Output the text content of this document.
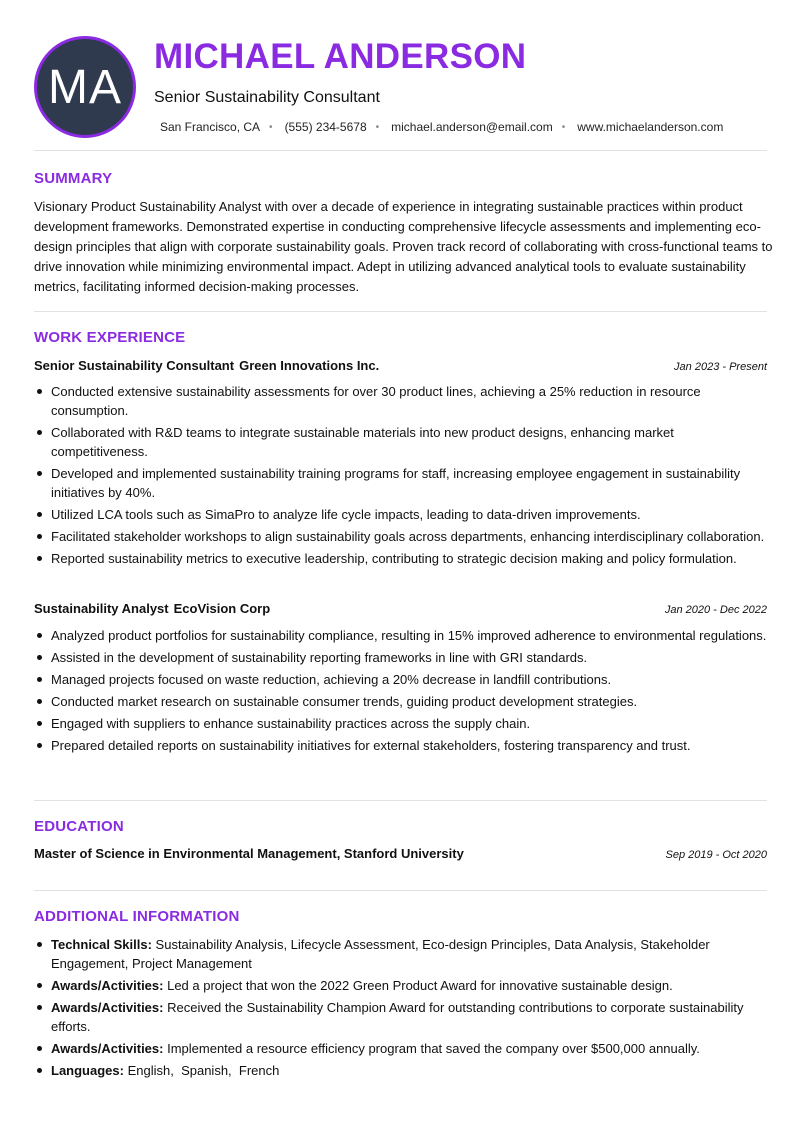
MA
MICHAEL ANDERSON
Senior Sustainability Consultant
San Francisco, CA • (555) 234-5678 • michael.anderson@email.com • www.michaelanderson.com
SUMMARY

Visionary Product Sustainability Analyst with over a decade of experience in integrating sustainable practices within product development frameworks. Demonstrated expertise in conducting comprehensive lifecycle assessments and implementing eco-design principles that align with corporate sustainability goals. Proven track record of collaborating with cross-functional teams to drive innovation while minimizing environmental impact. Adept in utilizing advanced analytical tools to evaluate sustainability metrics, facilitating informed decision-making processes.

WORK EXPERIENCE
Senior Sustainability Consultant Green Innovations Inc.	Jan 2023 - Present
Conducted extensive sustainability assessments for over 30 product lines, achieving a 25% reduction in resource consumption.
Collaborated with R&D teams to integrate sustainable materials into new product designs, enhancing market competitiveness.
Developed and implemented sustainability training programs for staff, increasing employee engagement in sustainability initiatives by 40%.
Utilized LCA tools such as SimaPro to analyze life cycle impacts, leading to data-driven improvements.
Facilitated stakeholder workshops to align sustainability goals across departments, enhancing interdisciplinary collaboration.
Reported sustainability metrics to executive leadership, contributing to strategic decision making and policy formulation.
Sustainability Analyst EcoVision Corp	Jan 2020 - Dec 2022
Analyzed product portfolios for sustainability compliance, resulting in 15% improved adherence to environmental regulations.
Assisted in the development of sustainability reporting frameworks in line with GRI standards.
Managed projects focused on waste reduction, achieving a 20% decrease in landfill contributions.
Conducted market research on sustainable consumer trends, guiding product development strategies.
Engaged with suppliers to enhance sustainability practices across the supply chain.
Prepared detailed reports on sustainability initiatives for external stakeholders, fostering transparency and trust.
EDUCATION
Master of Science in Environmental Management, Stanford University	Sep 2019 - Oct 2020
ADDITIONAL INFORMATION
Technical Skills: Sustainability Analysis, Lifecycle Assessment, Eco-design Principles, Data Analysis, Stakeholder Engagement, Project Management
Awards/Activities: Led a project that won the 2022 Green Product Award for innovative sustainable design.
Awards/Activities: Received the Sustainability Champion Award for outstanding contributions to corporate sustainability efforts.
Awards/Activities: Implemented a resource efficiency program that saved the company over $500,000 annually.
Languages: English,  Spanish,  French
